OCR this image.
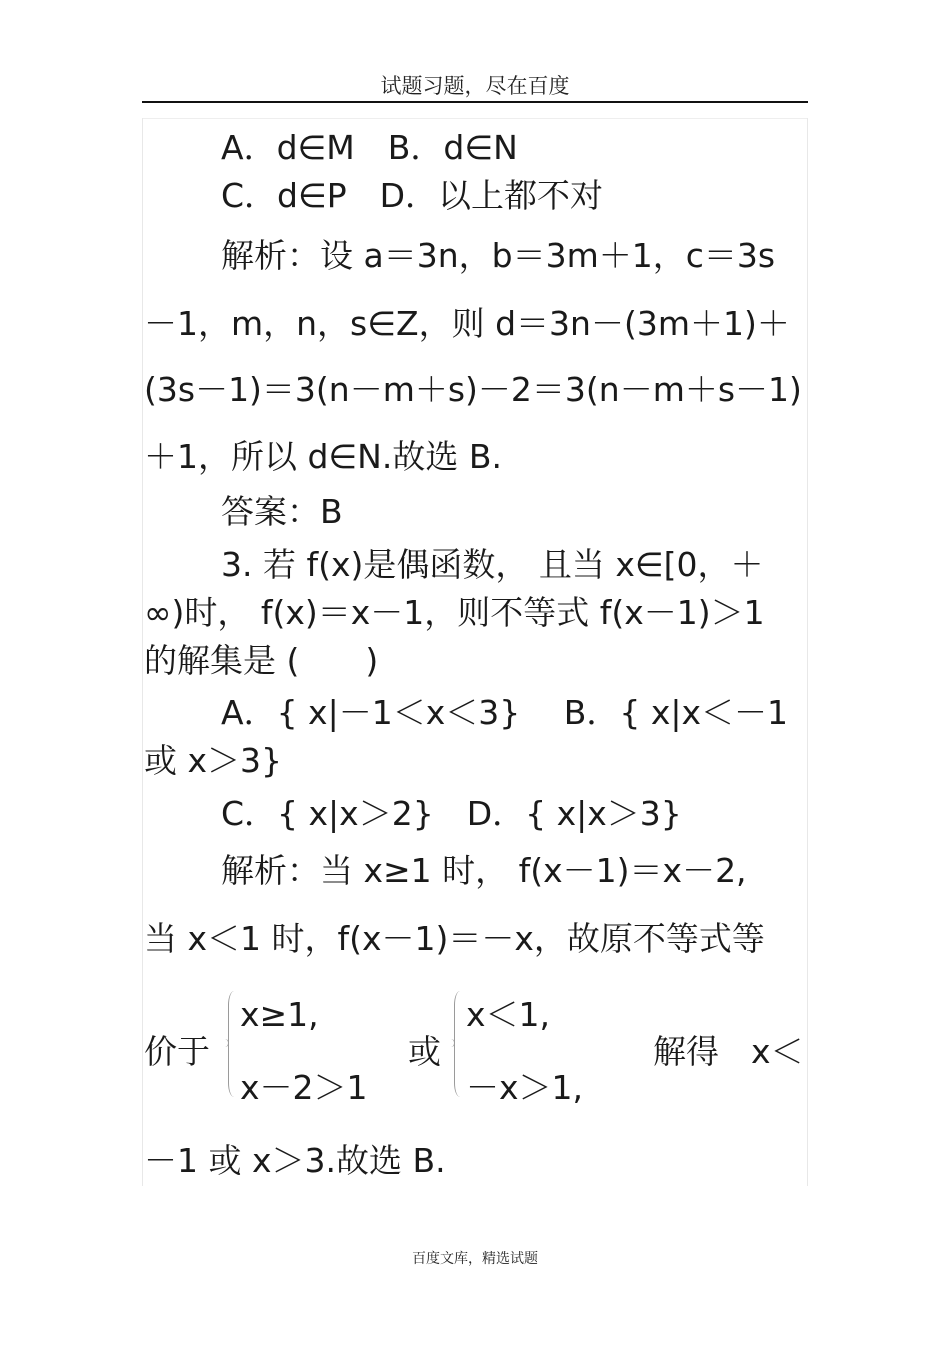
试题习题，尽在百度
A．d∈M　B．d∈N
C．d∈P　D．以上都不对
解析：设 a＝3n，b＝3m＋1，c＝3s
－1，m，n，s∈Z，则 d＝3n－(3m＋1)＋
(3s－1)＝3(n－m＋s)－2＝3(n－m＋s－1)
＋1，所以 d∈N.故选 B.
答案：B
3. 若 f(x)是偶函数， 且当 x∈[0，＋
∞)时， f(x)＝x－1，则不等式 f(x－1)＞1
的解集是 (　　)
A．{ x|－1＜x＜3}　 B．{ x|x＜－1
或 x＞3}
C．{ x|x＞2}　D．{ x|x＞3}
解析：当 x≥1 时， f(x－1)＝x－2,
当 x＜1 时，f(x－1)＝－x，故原不等式等
价于
x≥1,
x－2＞1
或
x＜1,
－x＞1,
解得 x＜
－1 或 x＞3.故选 B.
百度文库，精选试题
